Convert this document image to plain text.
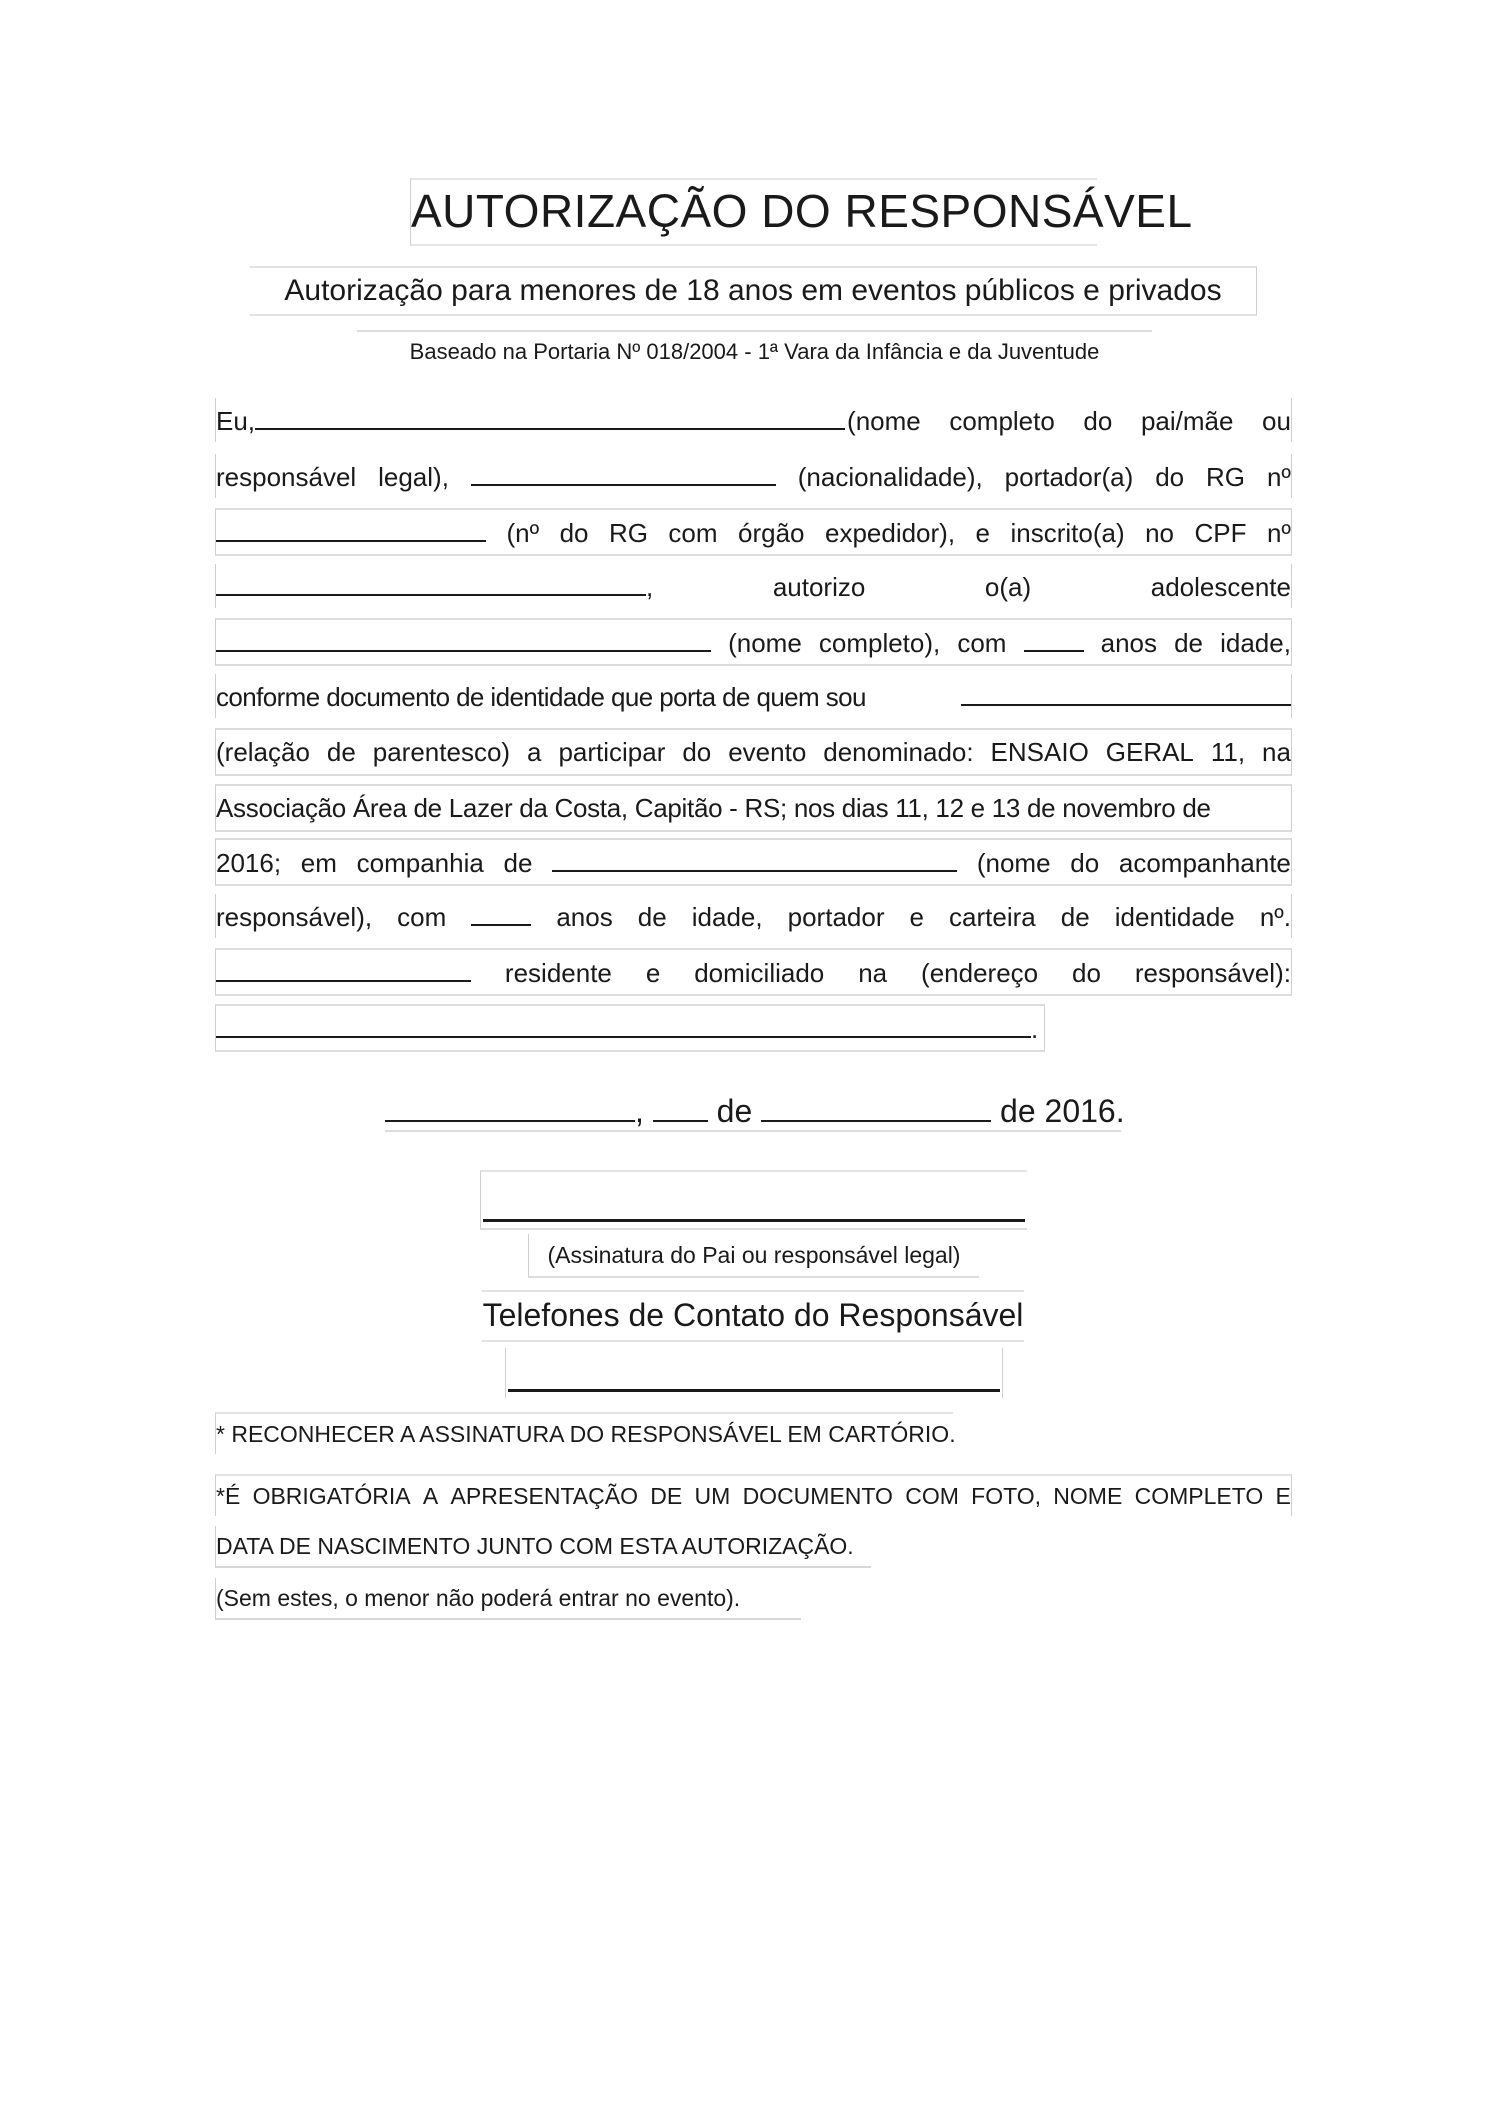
AUTORIZAÇÃO DO RESPONSÁVEL
Autorização para menores de 18 anos em eventos públicos e privados
Baseado na Portaria Nº 018/2004 - 1ª Vara da Infância e da Juventude
Eu,	(nome completo do pai/mãe ou
responsável legal),	(nacionalidade), portador(a) do RG nº
(nº do RG com órgão expedidor), e inscrito(a) no CPF nº
,	autorizo	o(a)	adolescente
(nome completo), com	anos de idade,
conforme documento de identidade que porta de quem sou
(relação de parentesco) a participar do evento denominado: ENSAIO GERAL 11, na
Associação Área de Lazer da Costa, Capitão - RS; nos dias 11, 12 e 13 de novembro de
2016; em companhia de	(nome do acompanhante
responsável), com	anos de idade, portador e carteira de identidade nº.
residente e domiciliado na (endereço do responsável):
.
, de	de 2016.
(Assinatura do Pai ou responsável legal)
Telefones de Contato do Responsável
* RECONHECER A ASSINATURA DO RESPONSÁVEL EM CARTÓRIO.
*É OBRIGATÓRIA A APRESENTAÇÃO DE UM DOCUMENTO COM FOTO, NOME COMPLETO E
DATA DE NASCIMENTO JUNTO COM ESTA AUTORIZAÇÃO.
(Sem estes, o menor não poderá entrar no evento).
